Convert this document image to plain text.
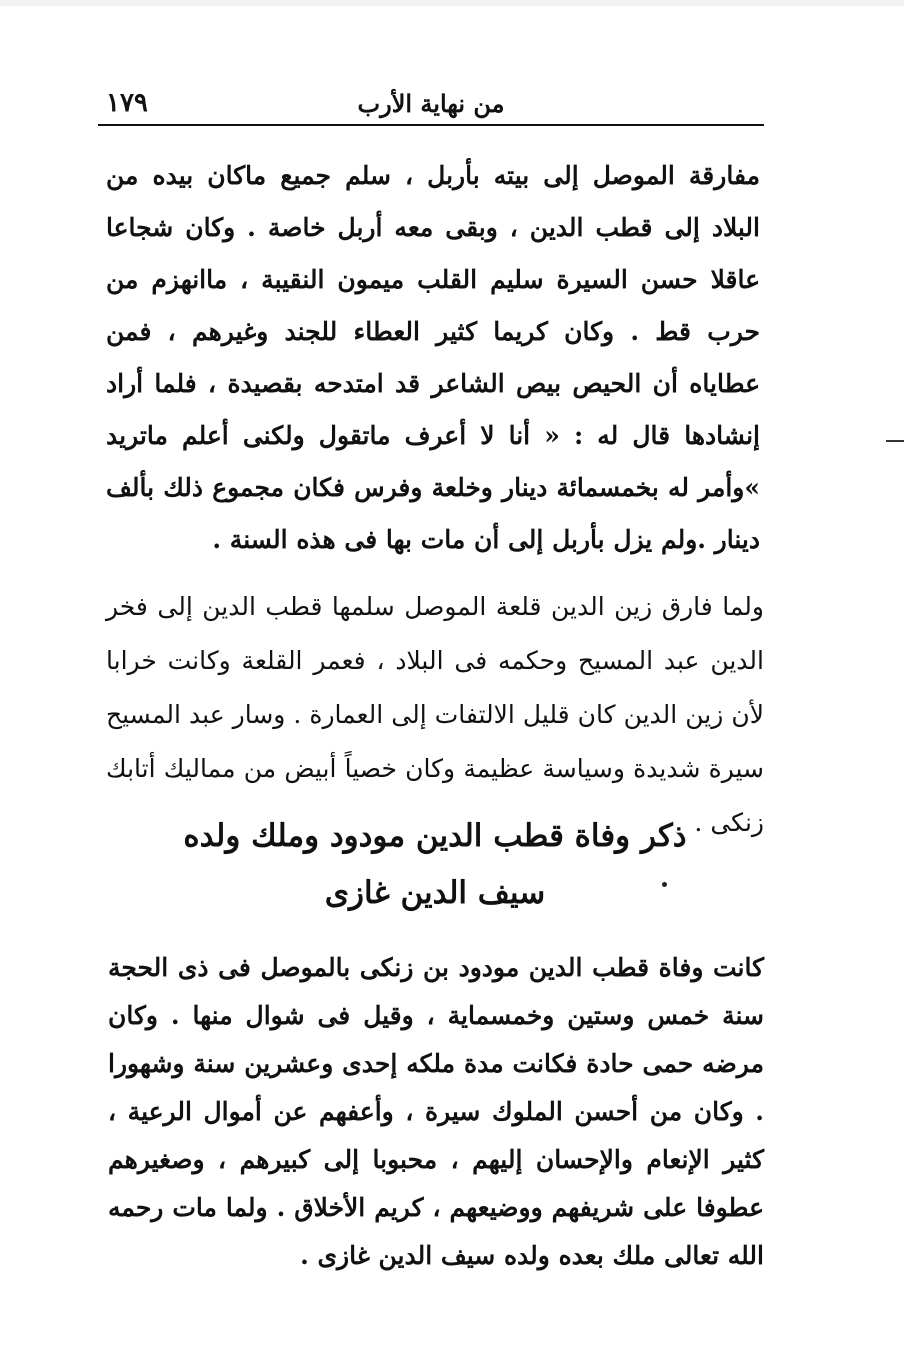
من نهاية الأرب
١٧٩

مفارقة الموصل إلى بيته بأربل ، سلم جميع ماكان بيده من البلاد إلى قطب الدين ، وبقى معه أربل خاصة . وكان شجاعا عاقلا حسن السيرة سليم القلب ميمون النقيبة ، ماانهزم من حرب قط . وكان كريما كثير العطاء للجند وغيرهم ، فمن عطاياه أن الحيص بيص الشاعر قد امتدحه بقصيدة ، فلما أراد إنشادها قال له : « أنا لا أعرف ماتقول ولكنى أعلم ماتريد »وأمر له بخمسمائة دينار وخلعة وفرس فكان مجموع ذلك بألف دينار .ولم يزل بأربل إلى أن مات بها فى هذه السنة .

ولما فارق زين الدين قلعة الموصل سلمها قطب الدين إلى فخر الدين عبد المسيح وحكمه فى البلاد ، فعمر القلعة وكانت خرابا لأن زين الدين كان قليل الالتفات إلى العمارة . وسار عبد المسيح سيرة شديدة وسياسة عظيمة وكان خصياً أبيض من مماليك أتابك زنكى .

ذكر وفاة قطب الدين مودود وملك ولده
سيف الدين غازى

كانت وفاة قطب الدين مودود بن زنكى بالموصل فى ذى الحجة سنة خمس وستين وخمسماية ، وقيل فى شوال منها . وكان مرضه حمى حادة فكانت مدة ملكه إحدى وعشرين سنة وشهورا . وكان من أحسن الملوك سيرة ، وأعفهم عن أموال الرعية ، كثير الإنعام والإحسان إليهم ، محبوبا إلى كبيرهم ، وصغيرهم عطوفا على شريفهم ووضيعهم ، كريم الأخلاق . ولما مات رحمه الله تعالى ملك بعده ولده سيف الدين غازى .
